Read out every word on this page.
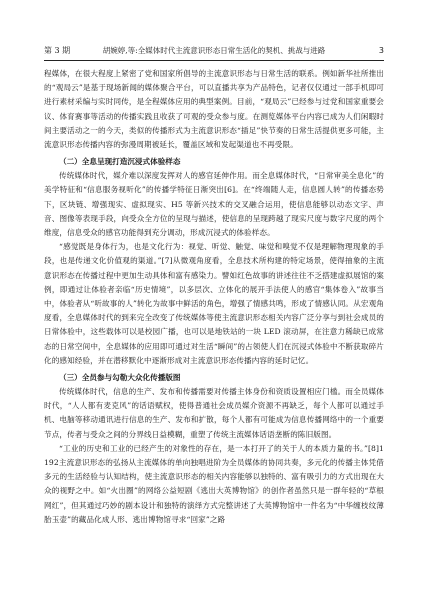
第 3 期	胡婉婷,等:全媒体时代主流意识形态日常生活化的契机、挑战与进路	3

程媒体，在很大程度上紧密了党和国家所倡导的主流意识形态与日常生活的联系。例如新华社所推出的“观局云”是基于现场新闻的媒体聚合平台，可以直播共享为产品特色，记者仅仅通过一部手机即可进行素材采编与实时同传，是全程媒体应用的典型案例。目前，“观局云”已经参与过党和国家重要会议、体育赛事等活动的传播实践且收获了可观的受众参与度。在测览媒体平台内容已成为人们闲暇时间主要活动之一的今天，类似的传播形式为主流意识形态“插足”快节奏的日常生活提供更多可能，主流意识形态传播内容的弥漫周期被延长，覆盖区域和发起渠道也不再受限。

（二）全息呈现打造沉浸式体验样态

传统媒体时代，媒介难以深度发挥对人的感官延伸作用。而全息媒体时代，“日常审美全息化”的美学特征和“信息服务视听化”的传播学特征日渐突出[6]。在“终端随人走，信息圆人转”的传播态势下，区块链、增强现实、虚拟现实、H5 等新兴技术的交叉融合运用，使信息能够以动态文字、声音、图像等表现手段，向受众全方位的呈现与描述，使信息的呈现跨越了现实尺度与数字尺度的两个维度，信息受众的感官功能得到充分调动，形成沉浸式的体验样态。

“感觉既是身体行为，也是文化行为：视觉、听觉、触觉、味觉和嗅觉不仅是理解物理现象的手段，也是传递文化价值观的渠道。”[7]从微观角度看，全息技术所构建的特定场景，使得抽象的主流意识形态在传播过程中更加生动具体和富有感染力。譬如红色故事的讲述往往不乏搭建虚拟展馆的案例，即通过让体验者亲临“历史情境”，以多层次、立体化的展开手法使人的感官“集体卷入”故事当中，体验者从“听故事的人”转化为故事中鲜活的角色，增强了情感共鸣，形成了情感认同。从宏观角度看，全息媒体时代的到来完全改变了传统媒体等使主流意识形态相关内容广泛分享与到社会成员的日常体验中，这些载体可以是校园广播，也可以是地铁站的一块 LED 滚动屏，在注意力稀缺已成常态的日常空间中，全息媒体的应用即可通过对生活“瞬间”的占领使人们在沉浸式体验中不断获取碎片化的感知经验，并在潜移默化中逐渐形成对主流意识形态传播内容的延时记忆。

（三）全员参与勾勒大众化传播版图

传统媒体时代，信息的生产、发布和传播需要对传播主体身份和资质设置相应门槛。而全员媒体时代，“人人都有麦克风”的话语赋权，使得普通社会成员媒介资源不再缺乏，每个人都可以通过手机、电脑等移动通讯进行信息的生产、发布和扩散，每个人都有可能成为信息传播网络中的一个重要节点，传者与受众之间的分界线日益模糊，重塑了传统主流媒体话语垄断的陈旧版图。

“工业的历史和工业的已经产生的对象性的存在，是一本打开了的关于人的本质力量的书。”[8]1192主流意识形态的弘扬从主流媒体的单向独唱进阶为全员媒体的协同共奏，多元化的传播主体凭借多元的生活经验与认知结构，使主流意识形态的相关内容能够以独特的、富有吸引力的方式出现在大众的视野之中。如“火出圈”的网络公益短剧《逃出大英博物馆》的创作者虽然只是一群年轻的“草根网红”，但其通过巧妙的剧本设计和独特的演绎方式完整讲述了大英博物馆中一件名为“中华缠枝纹薄胎玉壶”的藏品化成人形、逃出博物馆寻求“回家”之路
